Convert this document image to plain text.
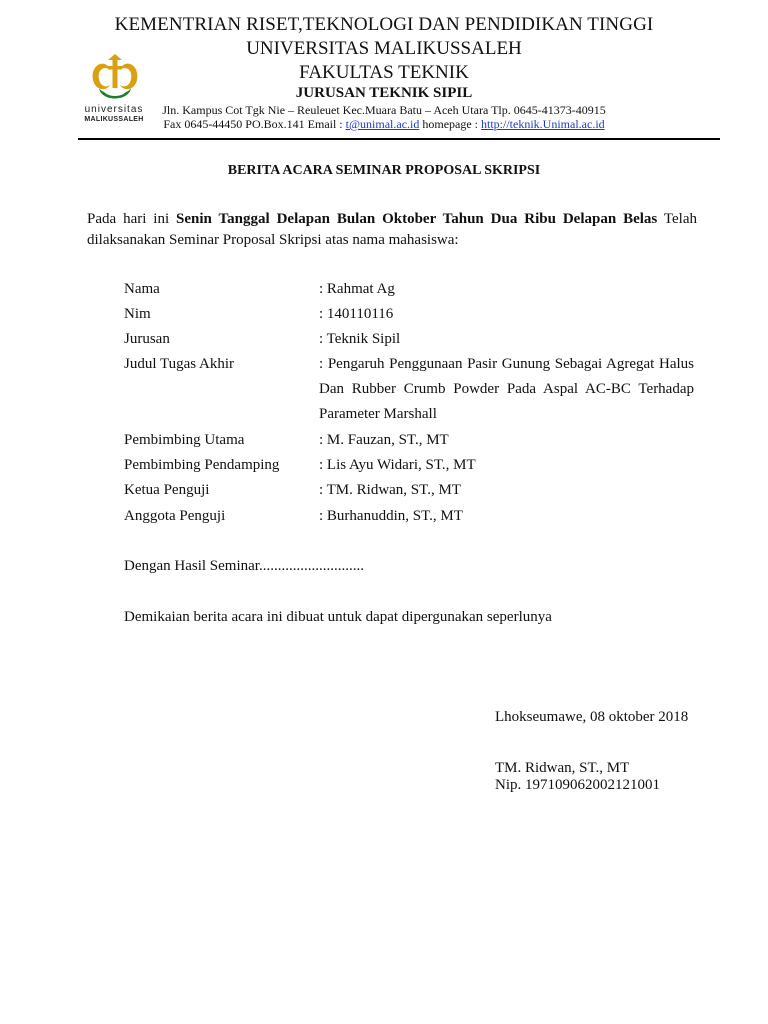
KEMENTRIAN RISET,TEKNOLOGI DAN PENDIDIKAN TINGGI
UNIVERSITAS MALIKUSSALEH
FAKULTAS TEKNIK
JURUSAN TEKNIK SIPIL
Jln. Kampus Cot Tgk Nie – Reuleuet Kec.Muara Batu – Aceh Utara Tlp. 0645-41373-40915
Fax 0645-44450 PO.Box.141 Email : t@unimal.ac.id homepage : http://teknik.Unimal.ac.id
universitas
MALIKUSSALEH
BERITA ACARA SEMINAR PROPOSAL SKRIPSI
Pada hari ini Senin Tanggal Delapan Bulan Oktober Tahun Dua Ribu Delapan Belas Telah dilaksanakan Seminar Proposal Skripsi atas nama mahasiswa:
Nama	: Rahmat Ag
Nim	: 140110116
Jurusan	: Teknik Sipil
Judul Tugas Akhir	: Pengaruh Penggunaan Pasir Gunung Sebagai Agregat Halus Dan Rubber Crumb Powder Pada Aspal AC-BC Terhadap Parameter Marshall
Pembimbing Utama	: M. Fauzan, ST., MT
Pembimbing Pendamping	: Lis Ayu Widari, ST., MT
Ketua Penguji	: TM. Ridwan, ST., MT
Anggota Penguji	: Burhanuddin, ST., MT
Dengan Hasil Seminar............................
Demikaian berita acara ini dibuat untuk dapat dipergunakan seperlunya
Lhokseumawe, 08 oktober 2018
TM. Ridwan, ST., MT
Nip. 197109062002121001
